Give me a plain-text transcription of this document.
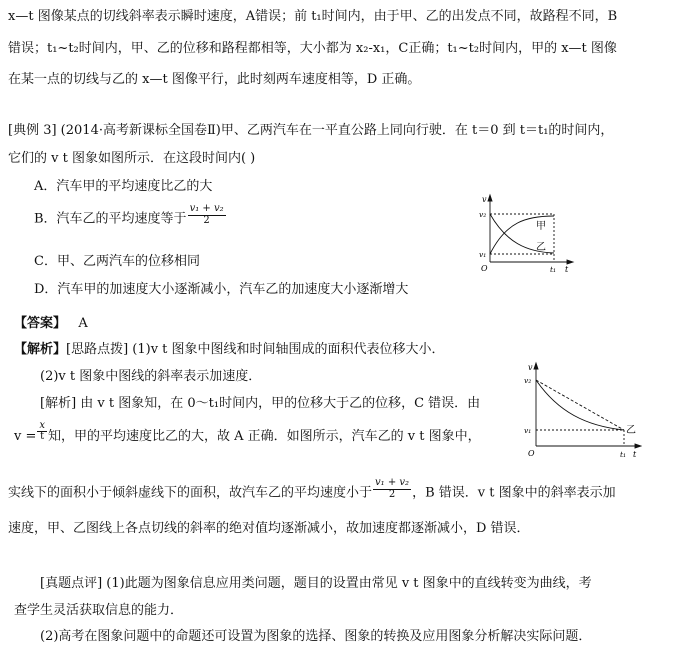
x—t 图像某点的切线斜率表示瞬时速度，A错误；前 t₁时间内，由于甲、乙的出发点不同，故路程不同，B
错误；t₁~t₂时间内，甲、乙的位移和路程都相等，大小都为 x₂-x₁，C正确；t₁~t₂时间内，甲的 x—t 图像
在某一点的切线与乙的 x—t 图像平行，此时刻两车速度相等，D 正确。
[典例 3] (2014·高考新课标全国卷Ⅱ)甲、乙两汽车在一平直公路上同向行驶．在 t＝0 到 t＝t₁的时间内，
它们的 v t 图象如图所示．在这段时间内( )
A．汽车甲的平均速度比乙的大
B．汽车乙的平均速度等于 $\frac{\text{v₁ + v₂}}{2}$
C．甲、乙两汽车的位移相同
D．汽车甲的加速度大小逐渐减小，汽车乙的加速度大小逐渐增大
v
v₂
v₁
O	t₁ t
甲
乙
【答案】 A
【解析】[思路点拨] (1)v t 图象中图线和时间轴围成的面积代表位移大小．
(2)v t 图象中图线的斜率表示加速度．
[解析] 由 v t 图象知，在 0～t₁时间内，甲的位移大于乙的位移，C 错误．由
$v = \frac{x}{t}$ 知，甲的平均速度比乙的大，故 A 正确．如图所示，汽车乙的 v t 图象中，
实线下的面积小于倾斜虚线下的面积，故汽车乙的平均速度小于 $\frac{\text{v₁ + v₂}}{2}$ ，B 错误．v t 图象中的斜率表示加
速度，甲、乙图线上各点切线的斜率的绝对值均逐渐减小，故加速度都逐渐减小，D 错误．
v
v₂
v₁
O	t₁ t
乙
[真题点评] (1)此题为图象信息应用类问题，题目的设置由常见 v t 图象中的直线转变为曲线，考
查学生灵活获取信息的能力．
(2)高考在图象问题中的命题还可设置为图象的选择、图象的转换及应用图象分析解决实际问题．
